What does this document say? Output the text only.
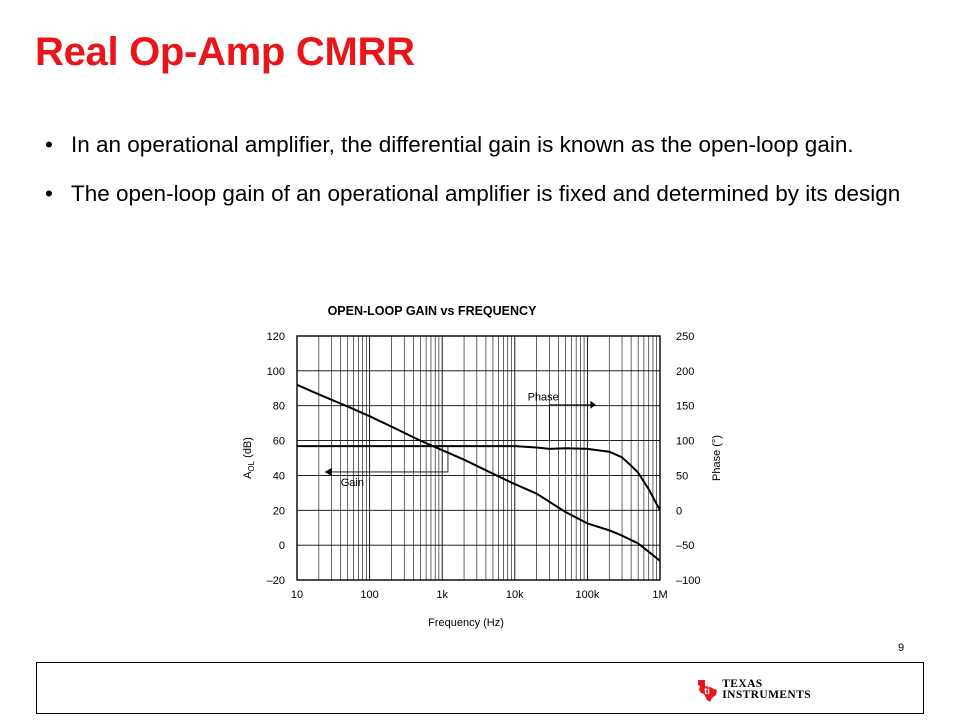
Real Op-Amp CMRR
• In an operational amplifier, the differential gain is known as the open-loop gain.
• The open-loop gain of an operational amplifier is fixed and determined by its design
OPEN-LOOP GAIN vs FREQUENCY
Frequency (Hz)
$A_{OL}$ (dB)	Phase (°)
120
100
80
60
40
20
0
–20
250
200
150
100
50
0
–50
–100
10	100	1k	10k	100k	1M
Phase
Gain
9
ti
TEXAS
INSTRUMENTS
